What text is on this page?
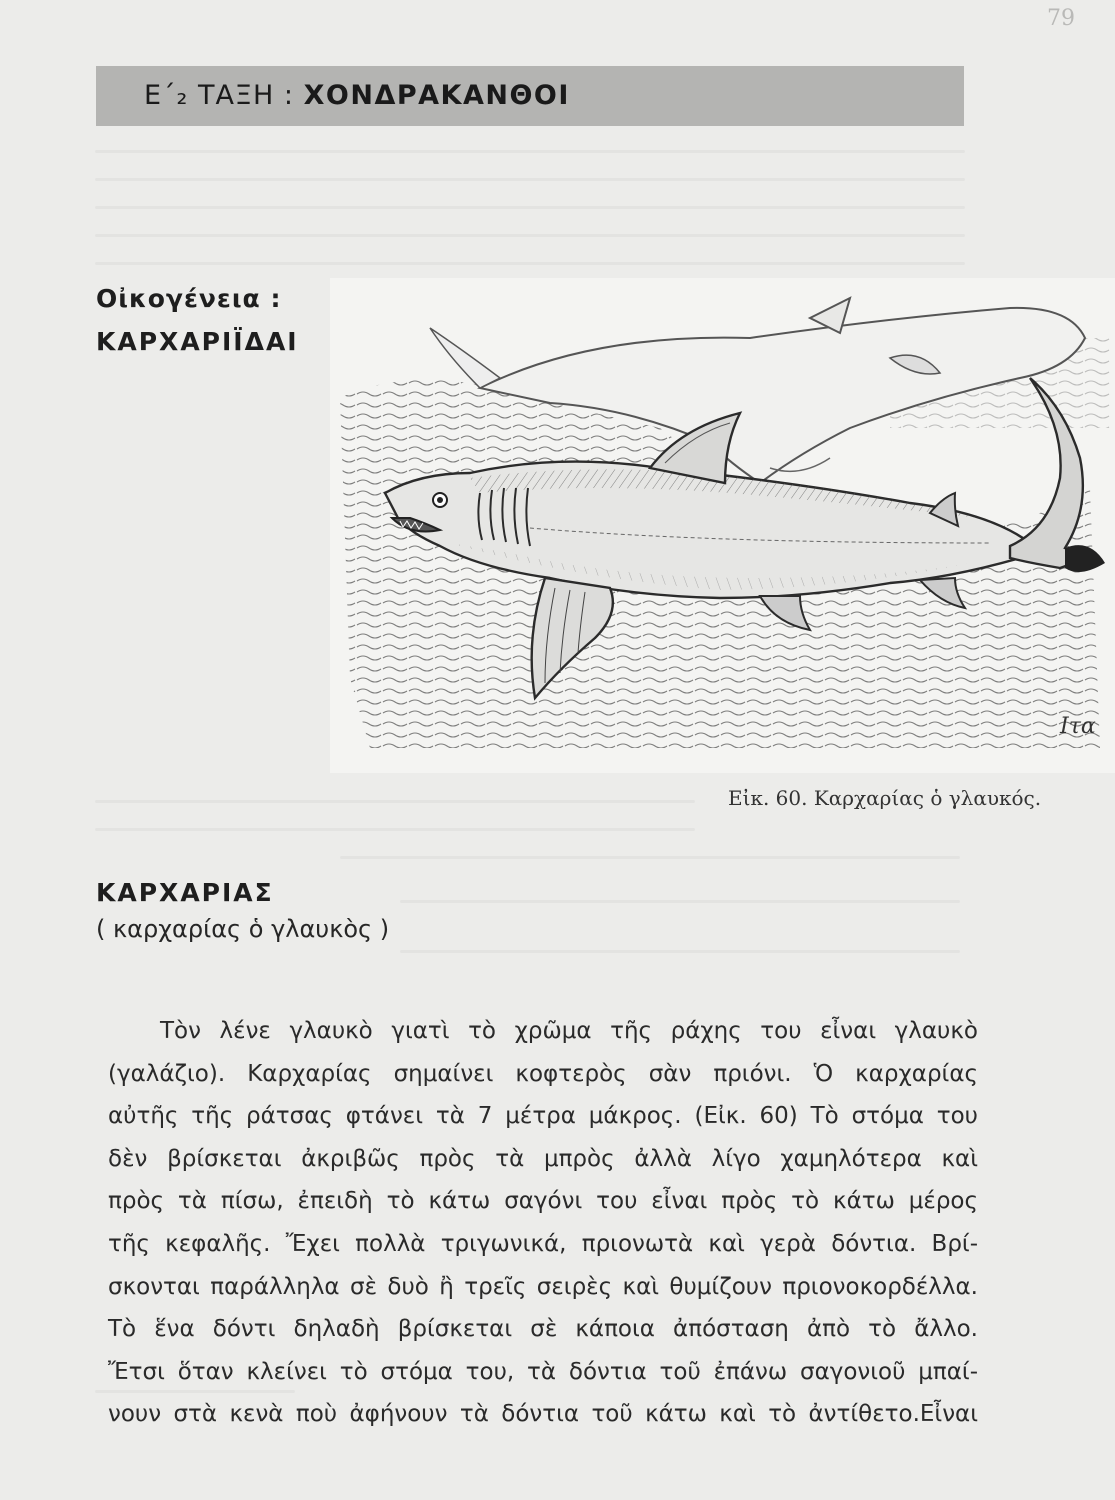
79
Ε΄₂ ΤΑΞΗ : ΧΟΝΔΡΑΚΑΝΘΟΙ
Οἰκογένεια :
ΚΑΡΧΑΡΙΪΔΑΙ
Ιτα
Εἰκ. 60. Καρχαρίας ὁ γλαυκός.
ΚΑΡΧΑΡΙΑΣ
( καρχαρίας ὁ γλαυκὸς )
Τὸν λένε γλαυκὸ γιατὶ τὸ χρῶμα τῆς ράχης του εἶναι γλαυκὸ
(γαλάζιο). Καρχαρίας σημαίνει κοφτερὸς σὰν πριόνι. Ὁ καρχαρίας
αὐτῆς τῆς ράτσας φτάνει τὰ 7 μέτρα μάκρος. (Εἰκ. 60) Τὸ στόμα του
δὲν βρίσκεται ἀκριβῶς πρὸς τὰ μπρὸς ἀλλὰ λίγο χαμηλότερα καὶ
πρὸς τὰ πίσω, ἐπειδὴ τὸ κάτω σαγόνι του εἶναι πρὸς τὸ κάτω μέρος
τῆς κεφαλῆς. Ἔχει πολλὰ τριγωνικά, πριονωτὰ καὶ γερὰ δόντια. Βρί-
σκονται παράλληλα σὲ δυὸ ἢ τρεῖς σειρὲς καὶ θυμίζουν πριονοκορδέλλα.
Τὸ ἕνα δόντι δηλαδὴ βρίσκεται σὲ κάποια ἀπόσταση ἀπὸ τὸ ἄλλο.
Ἔτσι ὅταν κλείνει τὸ στόμα του, τὰ δόντια τοῦ ἐπάνω σαγονιοῦ μπαί-
νουν στὰ κενὰ ποὺ ἀφήνουν τὰ δόντια τοῦ κάτω καὶ τὸ ἀντίθετο.Εἶναι
